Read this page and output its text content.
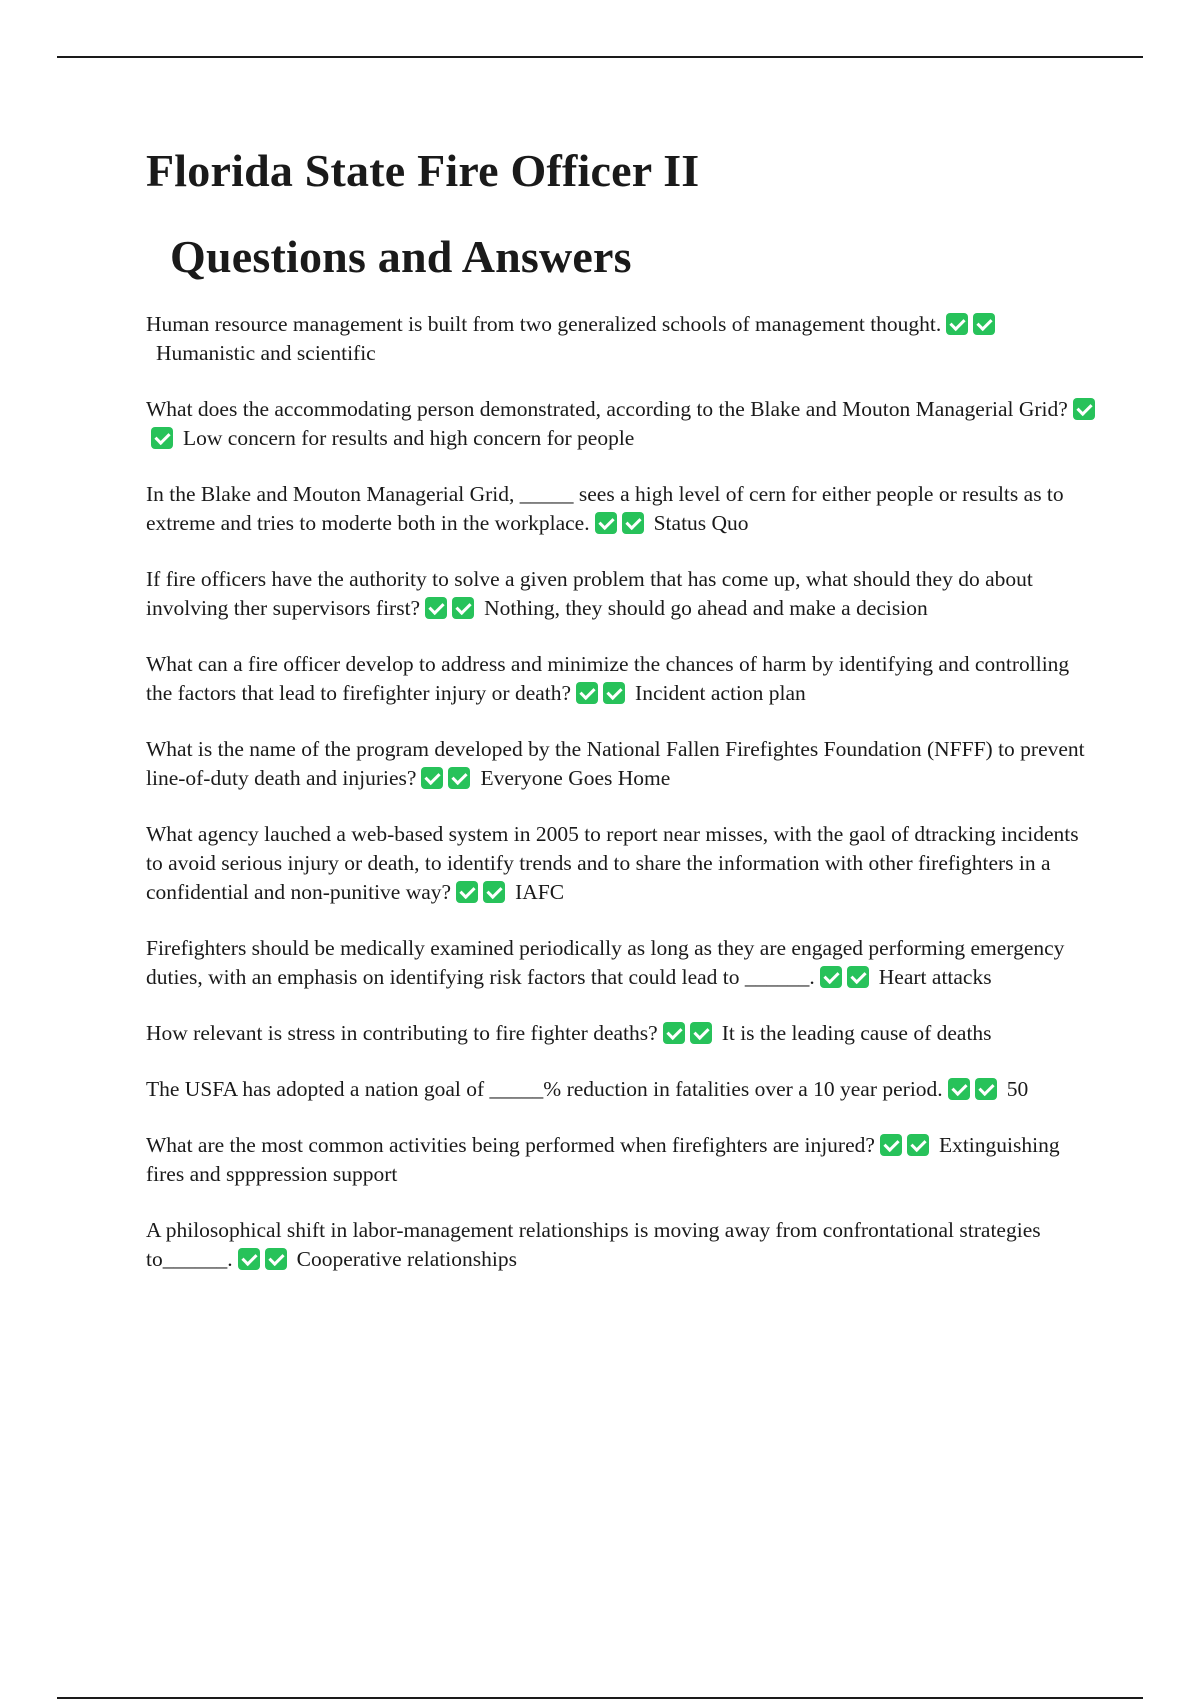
Florida State Fire Officer II
Questions and Answers

Human resource management is built from two generalized schools of management thought.Humanistic and scientific

What does the accommodating person demonstrated, according to the Blake and Mouton Managerial Grid?Low concern for results and high concern for people

In the Blake and Mouton Managerial Grid, _____ sees a high level of cern for either people or results as to extreme and tries to moderte both in the workplace.	Status Quo

If fire officers have the authority to solve a given problem that has come up, what should they do about involving ther supervisors first?	Nothing, they should go ahead and make a decision

What can a fire officer develop to address and minimize the chances of harm by identifying and controlling the factors that lead to firefighter injury or death?	Incident action plan

What is the name of the program developed by the National Fallen Firefightes Foundation (NFFF) to prevent line-of-duty death and injuries?	Everyone Goes Home

What agency lauched a web-based system in 2005 to report near misses, with the gaol of dtracking incidents to avoid serious injury or death, to identify trends and to share the information with other firefighters in a confidential and non-punitive way?	IAFC

Firefighters should be medically examined periodically as long as they are engaged performing emergency duties, with an emphasis on identifying risk factors that could lead to ______.	Heart attacks

How relevant is stress in contributing to fire fighter deaths?	It is the leading cause of deaths

The USFA has adopted a nation goal of _____% reduction in fatalities over a 10 year period.	50

What are the most common activities being performed when firefighters are injured?	Extinguishing fires and spppression support

A philosophical shift in labor-management relationships is moving away from confrontational strategies to______.	Cooperative relationships
